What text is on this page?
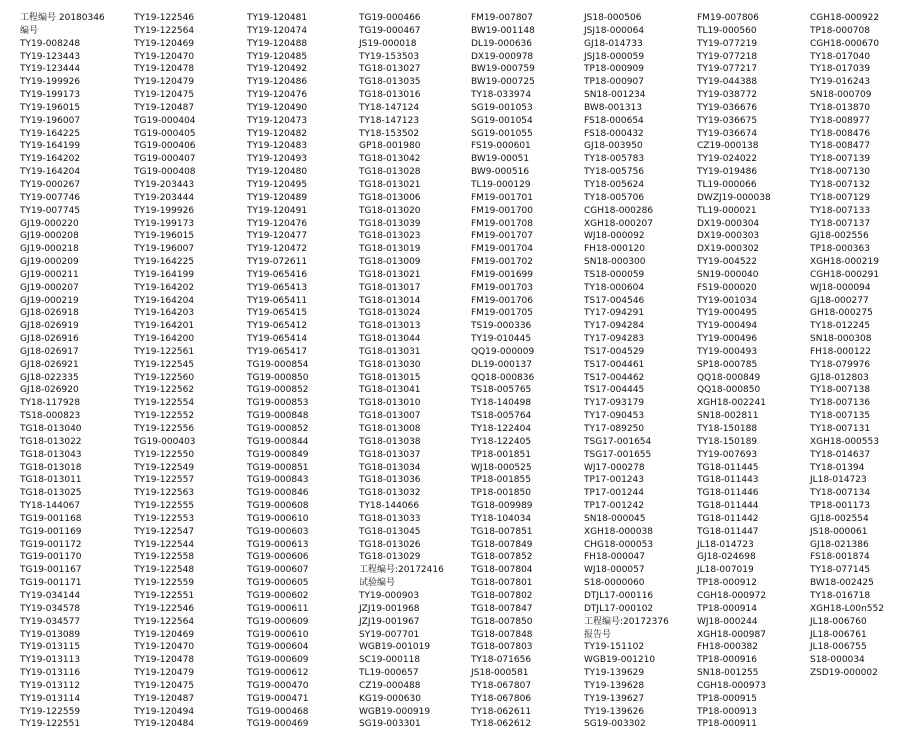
工程编号 20180346
编号
TY19-008248
TY19-123443
TY19-123444
TY19-199926
TY19-199173
TY19-196015
TY19-196007
TY19-164225
TY19-164199
TY19-164202
TY19-164204
TY19-000267
TY19-007746
TY19-007745
GJ19-000220
GJ19-000208
GJ19-000218
GJ19-000209
GJ19-000211
GJ19-000207
GJ19-000219
GJ18-026918
GJ18-026919
GJ18-026916
GJ18-026917
GJ18-026921
GJ18-022335
GJ18-026920
TY18-117928
TS18-000823
TG18-013040
TG18-013022
TG18-013043
TG18-013018
TG18-013011
TG18-013025
TY18-144067
TG19-001168
TG19-001169
TG19-001172
TG19-001170
TG19-001167
TG19-001171
TY19-034144
TY19-034578
TY19-034577
TY19-013089
TY19-013115
TY19-013113
TY19-013116
TY19-013112
TY19-013114
TY19-122559
TY19-122551
TY19-122546
TY19-122564
TY19-120469
TY19-120470
TY19-120478
TY19-120479
TY19-120475
TY19-120487
TG19-000404
TG19-000405
TG19-000406
TG19-000407
TG19-000408
TY19-203443
TY19-203444
TY19-199926
TY19-199173
TY19-196015
TY19-196007
TY19-164225
TY19-164199
TY19-164202
TY19-164204
TY19-164203
TY19-164201
TY19-164200
TY19-122561
TY19-122545
TY19-122560
TY19-122562
TY19-122554
TY19-122552
TY19-122556
TG19-000403
TY19-122550
TY19-122549
TY19-122557
TY19-122563
TY19-122555
TY19-122553
TY19-122547
TY19-122544
TY19-122558
TY19-122548
TY19-122559
TY19-122551
TY19-122546
TY19-122564
TY19-120469
TY19-120470
TY19-120478
TY19-120479
TY19-120475
TY19-120487
TY19-120494
TY19-120484
TY19-120481
TY19-120474
TY19-120488
TY19-120485
TY19-120492
TY19-120486
TY19-120476
TY19-120490
TY19-120473
TY19-120482
TY19-120483
TY19-120493
TY19-120480
TY19-120495
TY19-120489
TY19-120491
TY19-120476
TY19-120477
TY19-120472
TY19-072611
TY19-065416
TY19-065413
TY19-065411
TY19-065415
TY19-065412
TY19-065414
TY19-065417
TG19-000854
TG19-000850
TG19-000852
TG19-000853
TG19-000848
TG19-000852
TG19-000844
TG19-000849
TG19-000851
TG19-000843
TG19-000846
TG19-000608
TG19-000610
TG19-000603
TG19-000613
TG19-000606
TG19-000607
TG19-000605
TG19-000602
TG19-000611
TG19-000609
TG19-000610
TG19-000604
TG19-000609
TG19-000612
TG19-000470
TG19-000471
TG19-000468
TG19-000469
TG19-000466
TG19-000467
JS19-000018
TY19-153503
TG18-013027
TG18-013035
TG18-013016
TY18-147124
TY18-147123
TY18-153502
GP18-001980
TG18-013042
TG18-013028
TG18-013021
TG18-013006
TG18-013020
TG18-013039
TG18-013023
TG18-013019
TG18-013009
TG18-013021
TG18-013017
TG18-013014
TG18-013024
TG18-013013
TG18-013044
TG18-013031
TG18-013030
TG18-013015
TG18-013041
TG18-013010
TG18-013007
TG18-013008
TG18-013038
TG18-013037
TG18-013034
TG18-013036
TG18-013032
TY18-144066
TG18-013033
TG18-013045
TG18-013026
TG18-013029
工程编号:20172416
试验编号
TY19-000903
JZJ19-001968
JZJ19-001967
SY19-007701
WGB19-001019
SC19-000118
TL19-000657
CZ19-000488
KG19-000630
WGB19-000919
SG19-003301
FM19-007807
BW19-001148
DL19-000636
DX19-000978
BW19-000759
BW19-000725
TY18-033974
SG19-001053
SG19-001054
SG19-001055
FS19-000601
BW19-00051
BW9-000516
TL19-000129
FM19-001701
FM19-001700
FM19-001708
FM19-001707
FM19-001704
FM19-001702
FM19-001699
FM19-001703
FM19-001706
FM19-001705
TS19-000336
TY19-010445
QQ19-000009
DL19-000137
QQ18-000836
TS18-005765
TY18-140498
TS18-005764
TY18-122404
TY18-122405
TP18-001851
WJ18-000525
TP18-001855
TP18-001850
TG18-009989
TY18-104034
TG18-007851
TG18-007849
TG18-007852
TG18-007804
TG18-007801
TG18-007802
TG18-007847
TG18-007850
TG18-007848
TG18-007803
TY18-071656
JS18-000581
TY18-067807
TY18-067806
TY18-062611
TY18-062612
JS18-000506
JSJ18-000064
GJ18-014733
JSJ18-000059
TP18-000909
TP18-000907
SN18-001234
BW8-001313
FS18-000654
FS18-000432
GJ18-003950
TY18-005783
TY18-005756
TY18-005624
TY18-005706
CGH18-000286
XGH18-000207
WJ18-000092
FH18-000120
SN18-000300
TS18-000059
TY18-000604
TS17-004546
TY17-094291
TY17-094284
TY17-094283
TS17-004529
TS17-004461
TS17-004462
TS17-004445
TY17-093179
TY17-090453
TY17-089250
TSG17-001654
TSG17-001655
WJ17-000278
TP17-001243
TP17-001244
TP17-001242
SN18-000045
XGH18-000038
CHG18-000053
FH18-000047
WJ18-000057
S18-0000060
DTJL17-000116
DTJL17-000102
工程编号:20172376
报告号
TY19-151102
WGB19-001210
TY19-139629
TY19-139628
TY19-139627
TY19-139626
SG19-003302
FM19-007806
TL19-000560
TY19-077219
TY19-077218
TY19-077217
TY19-044388
TY19-038772
TY19-036676
TY19-036675
TY19-036674
CZ19-000138
TY19-024022
TY19-019486
TL19-000066
DWZJ19-000038
TL19-000021
DX19-000304
DX19-000303
DX19-000302
TY19-004522
SN19-000040
FS19-000020
TY19-001034
TY19-000495
TY19-000494
TY19-000496
TY19-000493
SP18-000785
QQ18-000849
QQ18-000850
XGH18-002241
SN18-002811
TY18-150188
TY18-150189
TY19-007693
TG18-011445
TG18-011443
TG18-011446
TG18-011444
TG18-011442
TG18-011447
JL18-014723
GJ18-024698
JL18-007019
TP18-000912
CGH18-000972
TP18-000914
WJ18-000244
XGH18-000987
FH18-000382
TP18-000916
SN18-001255
CGH18-000973
TP18-000915
TP18-000913
TP18-000911
CGH18-000922
TP18-000708
CGH18-000670
TY18-017040
TY18-017039
TY19-016243
SN18-000709
TY18-013870
TY18-008977
TY18-008476
TY18-008477
TY18-007139
TY18-007130
TY18-007132
TY18-007129
TY18-007133
TY18-007137
GJ18-002556
TP18-000363
XGH18-000219
CGH18-000291
WJ18-000094
GJ18-000277
GH18-000275
TY18-012245
SN18-000308
FH18-000122
TY18-079976
GJ18-012803
TY18-007138
TY18-007136
TY18-007135
TY18-007131
XGH18-000553
TY18-014637
TY18-01394
JL18-014723
TY18-007134
TP18-001173
GJ18-002554
JS18-000061
GJ18-021386
FS18-001874
TY18-077145
BW18-002425
TY18-016718
XGH18-L00n552
JL18-006760
JL18-006761
JL18-006755
S18-000034
ZSD19-000002
